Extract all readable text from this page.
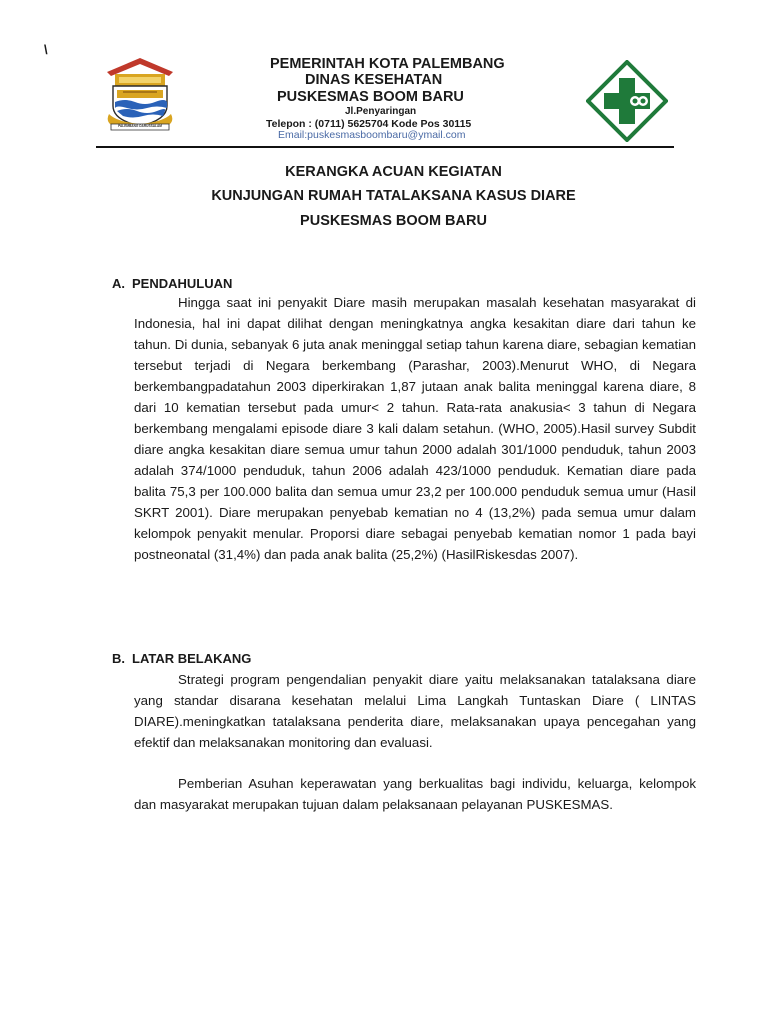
\
PALEMBANG DARUSSALAM
PEMERINTAH KOTA PALEMBANG
DINAS KESEHATAN
PUSKESMAS BOOM BARU
Jl.Penyaringan
Telepon : (0711) 5625704 Kode Pos 30115
Email:puskesmasboombaru@ymail.com
KERANGKA ACUAN KEGIATAN
KUNJUNGAN RUMAH TATALAKSANA KASUS DIARE
PUSKESMAS BOOM BARU
A. PENDAHULUAN

Hingga saat ini penyakit Diare masih merupakan masalah kesehatan masyarakat di Indonesia, hal ini dapat dilihat dengan meningkatnya angka kesakitan diare dari tahun ke tahun. Di dunia, sebanyak 6 juta anak meninggal setiap tahun karena diare, sebagian kematian tersebut terjadi di Negara berkembang (Parashar, 2003).Menurut WHO, di Negara berkembangpadatahun 2003 diperkirakan 1,87 jutaan anak balita meninggal karena diare, 8 dari 10 kematian tersebut pada umur< 2 tahun. Rata-rata anakusia< 3 tahun di Negara berkembang mengalami episode diare 3 kali dalam setahun. (WHO, 2005).Hasil survey Subdit diare angka kesakitan diare semua umur tahun 2000 adalah 301/1000 penduduk, tahun 2003 adalah 374/1000 penduduk, tahun 2006 adalah 423/1000 penduduk. Kematian diare pada balita 75,3 per 100.000 balita dan semua umur 23,2 per 100.000 penduduk semua umur (Hasil SKRT 2001). Diare merupakan penyebab kematian no 4 (13,2%) pada semua umur dalam kelompok penyakit menular. Proporsi diare sebagai penyebab kematian nomor 1 pada bayi postneonatal (31,4%) dan pada anak balita (25,2%) (HasilRiskesdas 2007).

B. LATAR BELAKANG

Strategi program pengendalian penyakit diare yaitu melaksanakan tatalaksana diare yang standar disarana kesehatan melalui Lima Langkah Tuntaskan Diare ( LINTAS DIARE).meningkatkan tatalaksana penderita diare, melaksanakan upaya pencegahan yang efektif dan melaksanakan monitoring dan evaluasi.

Pemberian Asuhan keperawatan yang berkualitas bagi individu, keluarga, kelompok dan masyarakat merupakan tujuan dalam pelaksanaan pelayanan PUSKESMAS.
